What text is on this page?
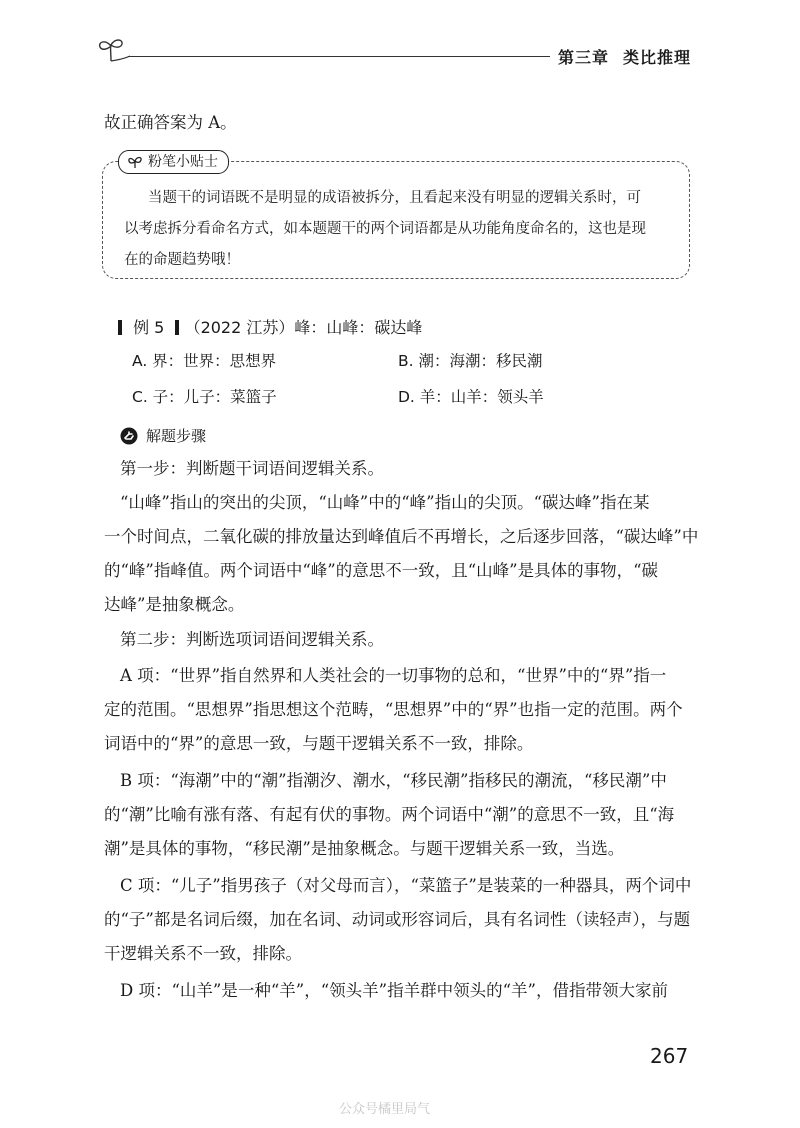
第三章 类比推理
故正确答案为 A。
粉笔小贴士
当题干的词语既不是明显的成语被拆分，且看起来没有明显的逻辑关系时，可
以考虑拆分看命名方式，如本题题干的两个词语都是从功能角度命名的，这也是现
在的命题趋势哦！
例 5 （2022 江苏）峰：山峰：碳达峰
A. 界：世界：思想界	B. 潮：海潮：移民潮
C. 子：儿子：菜篮子	D. 羊：山羊：领头羊
解题步骤
第一步：判断题干词语间逻辑关系。
“山峰”指山的突出的尖顶，“山峰”中的“峰”指山的尖顶。“碳达峰”指在某
一个时间点，二氧化碳的排放量达到峰值后不再增长，之后逐步回落，“碳达峰”中
的“峰”指峰值。两个词语中“峰”的意思不一致，且“山峰”是具体的事物，“碳
达峰”是抽象概念。
第二步：判断选项词语间逻辑关系。
A 项：“世界”指自然界和人类社会的一切事物的总和，“世界”中的“界”指一
定的范围。“思想界”指思想这个范畴，“思想界”中的“界”也指一定的范围。两个
词语中的“界”的意思一致，与题干逻辑关系不一致，排除。
B 项：“海潮”中的“潮”指潮汐、潮水，“移民潮”指移民的潮流，“移民潮”中
的“潮”比喻有涨有落、有起有伏的事物。两个词语中“潮”的意思不一致，且“海
潮”是具体的事物，“移民潮”是抽象概念。与题干逻辑关系一致，当选。
C 项：“儿子”指男孩子（对父母而言），“菜篮子”是装菜的一种器具，两个词中
的“子”都是名词后缀，加在名词、动词或形容词后，具有名词性（读轻声），与题
干逻辑关系不一致，排除。
D 项：“山羊”是一种“羊”，“领头羊”指羊群中领头的“羊”，借指带领大家前
267
公众号橘里局气
